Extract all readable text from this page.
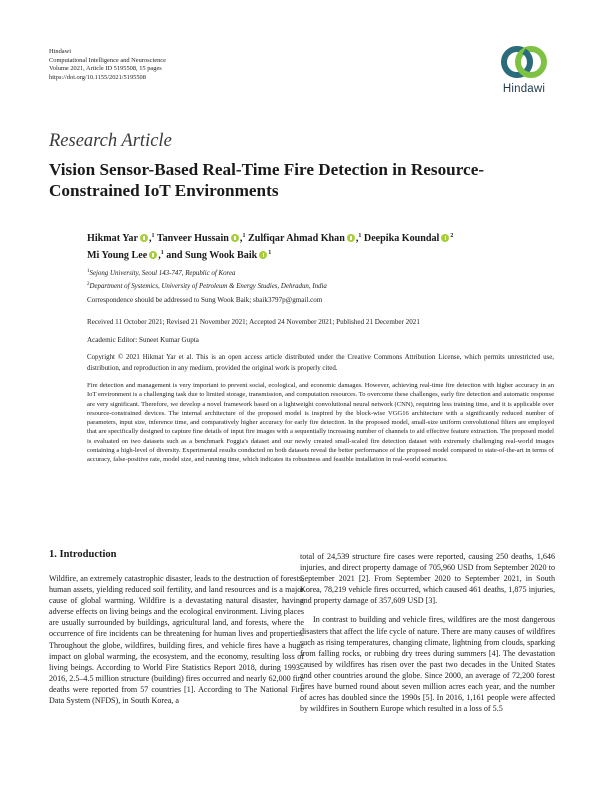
Hindawi
Computational Intelligence and Neuroscience
Volume 2021, Article ID 5195508, 15 pages
https://doi.org/10.1155/2021/5195508
Hindawi
Research Article
Vision Sensor-Based Real-Time Fire Detection in Resource-Constrained IoT Environments
Hikmat Yar ,$^1$ Tanveer Hussain ,$^1$ Zulfiqar Ahmad Khan ,$^1$ Deepika Koundal $^2$
Mi Young Lee ,$^1$ and Sung Wook Baik $^1$
$^1$Sejong University, Seoul 143-747, Republic of Korea
$^2$Department of Systemics, University of Petroleum & Energy Studies, Dehradun, India
Correspondence should be addressed to Sung Wook Baik; sbaik3797p@gmail.com
Received 11 October 2021; Revised 21 November 2021; Accepted 24 November 2021; Published 21 December 2021
Academic Editor: Suneet Kumar Gupta
Copyright © 2021 Hikmat Yar et al. This is an open access article distributed under the Creative Commons Attribution License, which permits unrestricted use, distribution, and reproduction in any medium, provided the original work is properly cited.
Fire detection and management is very important to prevent social, ecological, and economic damages. However, achieving real-time fire detection with higher accuracy in an IoT environment is a challenging task due to limited storage, transmission, and computation resources. To overcome these challenges, early fire detection and automatic response are very significant. Therefore, we develop a novel framework based on a lightweight convolutional neural network (CNN), requiring less training time, and it is applicable over resource-constrained devices. The internal architecture of the proposed model is inspired by the block-wise VGG16 architecture with a significantly reduced number of parameters, input size, inference time, and comparatively higher accuracy for early fire detection. In the proposed model, small-size uniform convolutional filters are employed that are specifically designed to capture fine details of input fire images with a sequentially increasing number of channels to aid effective feature extraction. The proposed model is evaluated on two datasets such as a benchmark Foggia's dataset and our newly created small-scaled fire detection dataset with extremely challenging real-world images containing a high-level of diversity. Experimental results conducted on both datasets reveal the better performance of the proposed model compared to state-of-the-art in terms of accuracy, false-positive rate, model size, and running time, which indicates its robustness and feasible installation in real-world scenarios.
1. Introduction

Wildfire, an extremely catastrophic disaster, leads to the destruction of forests, human assets, yielding reduced soil fertility, and land resources and is a major cause of global warming. Wildfire is a devastating natural disaster, having adverse effects on living beings and the ecological environment. Living places are usually surrounded by buildings, agricultural land, and forests, where the occurrence of fire incidents can be threatening for human lives and properties. Throughout the globe, wildfires, building fires, and vehicle fires have a huge impact on global warming, the ecosystem, and the economy, resulting loss of living beings. According to World Fire Statistics Report 2018, during 1993–2016, 2.5–4.5 million structure (building) fires occurred and nearly 62,000 fire deaths were reported from 57 countries [1]. According to The National Fire Data System (NFDS), in South Korea, a

total of 24,539 structure fire cases were reported, causing 250 deaths, 1,646 injuries, and direct property damage of 705,960 USD from September 2020 to September 2021 [2]. From September 2020 to September 2021, in South Korea, 78,219 vehicle fires occurred, which caused 461 deaths, 1,875 injuries, and property damage of 357,609 USD [3].

In contrast to building and vehicle fires, wildfires are the most dangerous disasters that affect the life cycle of nature. There are many causes of wildfires such as rising temperatures, changing climate, lightning from clouds, sparking from falling rocks, or rubbing dry trees during summers [4]. The devastation caused by wildfires has risen over the past two decades in the United States and other countries around the globe. Since 2000, an average of 72,200 forest fires have burned round about seven million acres each year, and the number of acres has doubled since the 1990s [5]. In 2016, 1,161 people were affected by wildfires in Southern Europe which resulted in a loss of 5.5
